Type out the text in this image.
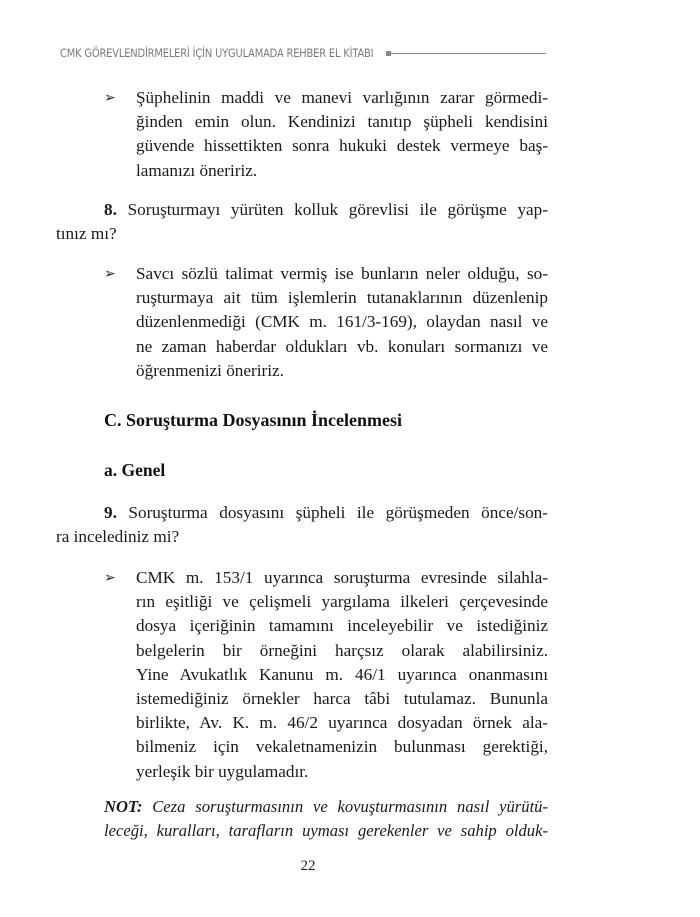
CMK GÖREVLENDİRMELERİ İÇİN UYGULAMADA REHBER EL KİTABI
➢	Şüphelinin maddi ve manevi varlığının zarar görmedi-
ğinden emin olun. Kendinizi tanıtıp şüpheli kendisini
güvende hissettikten sonra hukuki destek vermeye baş-
lamanızı öneririz.
8. Soruşturmayı yürüten kolluk görevlisi ile görüşme yap-
tınız mı?
➢	Savcı sözlü talimat vermiş ise bunların neler olduğu, so-
ruşturmaya ait tüm işlemlerin tutanaklarının düzenlenip
düzenlenmediği (CMK m. 161/3-169), olaydan nasıl ve
ne zaman haberdar oldukları vb. konuları sormanızı ve
öğrenmenizi öneririz.
C. Soruşturma Dosyasının İncelenmesi
a. Genel
9. Soruşturma dosyasını şüpheli ile görüşmeden önce/son-
ra incelediniz mi?
➢	CMK m. 153/1 uyarınca soruşturma evresinde silahla-
rın eşitliği ve çelişmeli yargılama ilkeleri çerçevesinde
dosya içeriğinin tamamını inceleyebilir ve istediğiniz
belgelerin bir örneğini harçsız olarak alabilirsiniz.
Yine Avukatlık Kanunu m. 46/1 uyarınca onanmasını
istemediğiniz örnekler harca tâbi tutulamaz. Bununla
birlikte, Av. K. m. 46/2 uyarınca dosyadan örnek ala-
bilmeniz için vekaletnamenizin bulunması gerektiği,
yerleşik bir uygulamadır.
NOT: Ceza soruşturmasının ve kovuşturmasının nasıl yürütü-
leceği, kuralları, tarafların uyması gerekenler ve sahip olduk-
22
